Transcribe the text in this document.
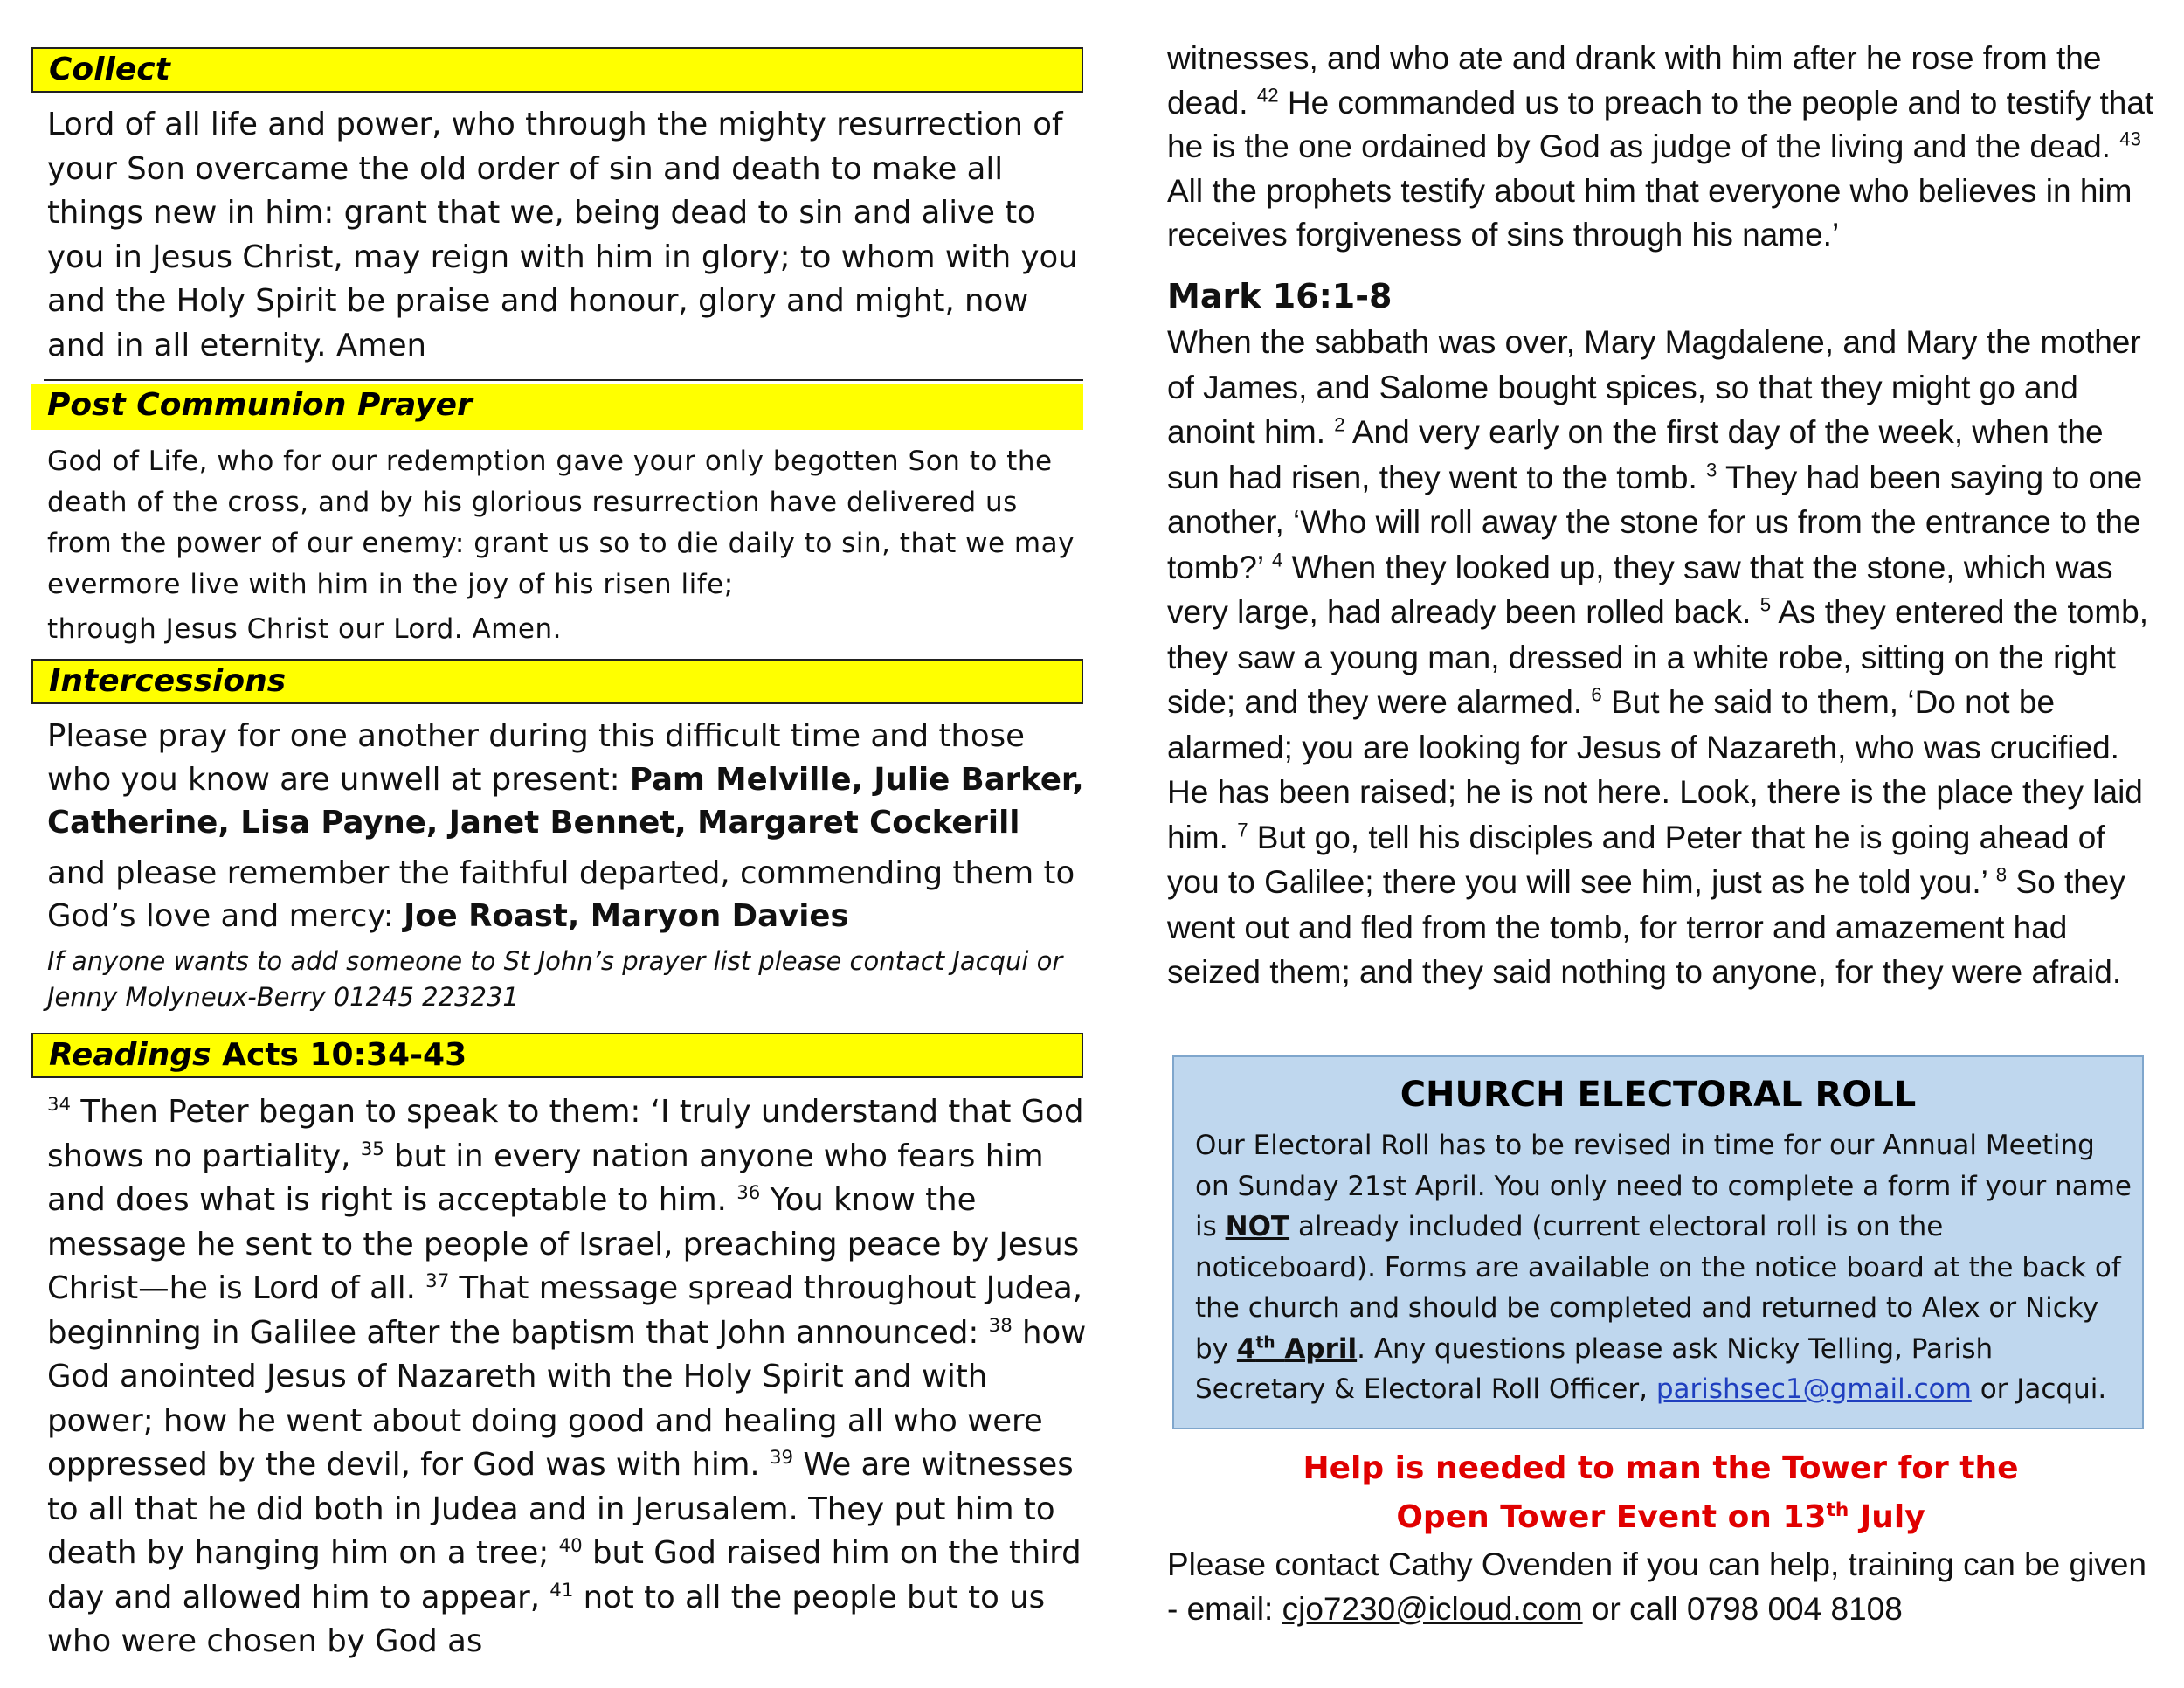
Collect
Lord of all life and power, who through the mighty resurrection of your Son overcame the old order of sin and death to make all things new in him: grant that we, being dead to sin and alive to you in Jesus Christ, may reign with him in glory; to whom with you and the Holy Spirit be praise and honour, glory and might, now and in all eternity. Amen
Post Communion Prayer

God of Life, who for our redemption gave your only begotten Son to the death of the cross, and by his glorious resurrection have delivered us from the power of our enemy: grant us so to die daily to sin, that we may evermore live with him in the joy of his risen life;

through Jesus Christ our Lord. Amen.

Intercessions

Please pray for one another during this difficult time and those who you know are unwell at present: Pam Melville, Julie Barker, Catherine, Lisa Payne, Janet Bennet, Margaret Cockerill

and please remember the faithful departed, commending them to God’s love and mercy: Joe Roast, Maryon Davies

If anyone wants to add someone to St John’s prayer list please contact Jacqui or Jenny Molyneux-Berry 01245 223231

Readings Acts 10:34-43
$^{34}$ Then Peter began to speak to them: ‘I truly understand that God shows no partiality, $^{35}$ but in every nation anyone who fears him and does what is right is acceptable to him. $^{36}$ You know the message he sent to the people of Israel, preaching peace by Jesus Christ—he is Lord of all. $^{37}$ That message spread throughout Judea, beginning in Galilee after the baptism that John announced: $^{38}$ how God anointed Jesus of Nazareth with the Holy Spirit and with power; how he went about doing good and healing all who were oppressed by the devil, for God was with him. $^{39}$ We are witnesses to all that he did both in Judea and in Jerusalem. They put him to death by hanging him on a tree; $^{40}$ but God raised him on the third day and allowed him to appear, $^{41}$ not to all the people but to us who were chosen by God as
witnesses, and who ate and drank with him after he rose from the dead. $^{42}$ He commanded us to preach to the people and to testify that he is the one ordained by God as judge of the living and the dead. $^{43}$ All the prophets testify about him that everyone who believes in him receives forgiveness of sins through his name.’
Mark 16:1-8
When the sabbath was over, Mary Magdalene, and Mary the mother of James, and Salome bought spices, so that they might go and anoint him. $^2$ And very early on the first day of the week, when the sun had risen, they went to the tomb. $^3$ They had been saying to one another, ‘Who will roll away the stone for us from the entrance to the tomb?’ $^4$ When they looked up, they saw that the stone, which was very large, had already been rolled back. $^5$ As they entered the tomb, they saw a young man, dressed in a white robe, sitting on the right side; and they were alarmed. $^6$ But he said to them, ‘Do not be alarmed; you are looking for Jesus of Nazareth, who was crucified. He has been raised; he is not here. Look, there is the place they laid him. $^7$ But go, tell his disciples and Peter that he is going ahead of you to Galilee; there you will see him, just as he told you.’ $^8$ So they went out and fled from the tomb, for terror and amazement had seized them; and they said nothing to anyone, for they were afraid.
CHURCH ELECTORAL ROLL
Our Electoral Roll has to be revised in time for our Annual Meeting on Sunday 21st April. You only need to complete a form if your name is NOT already included (current electoral roll is on the noticeboard). Forms are available on the notice board at the back of the church and should be completed and returned to Alex or Nicky by 4th April. Any questions please ask Nicky Telling, Parish Secretary & Electoral Roll Officer, parishsec1@gmail.com or Jacqui.
Help is needed to man the Tower for the
Open Tower Event on 13th July
Please contact Cathy Ovenden if you can help, training can be given - email: cjo7230@icloud.com or call 0798 004 8108
